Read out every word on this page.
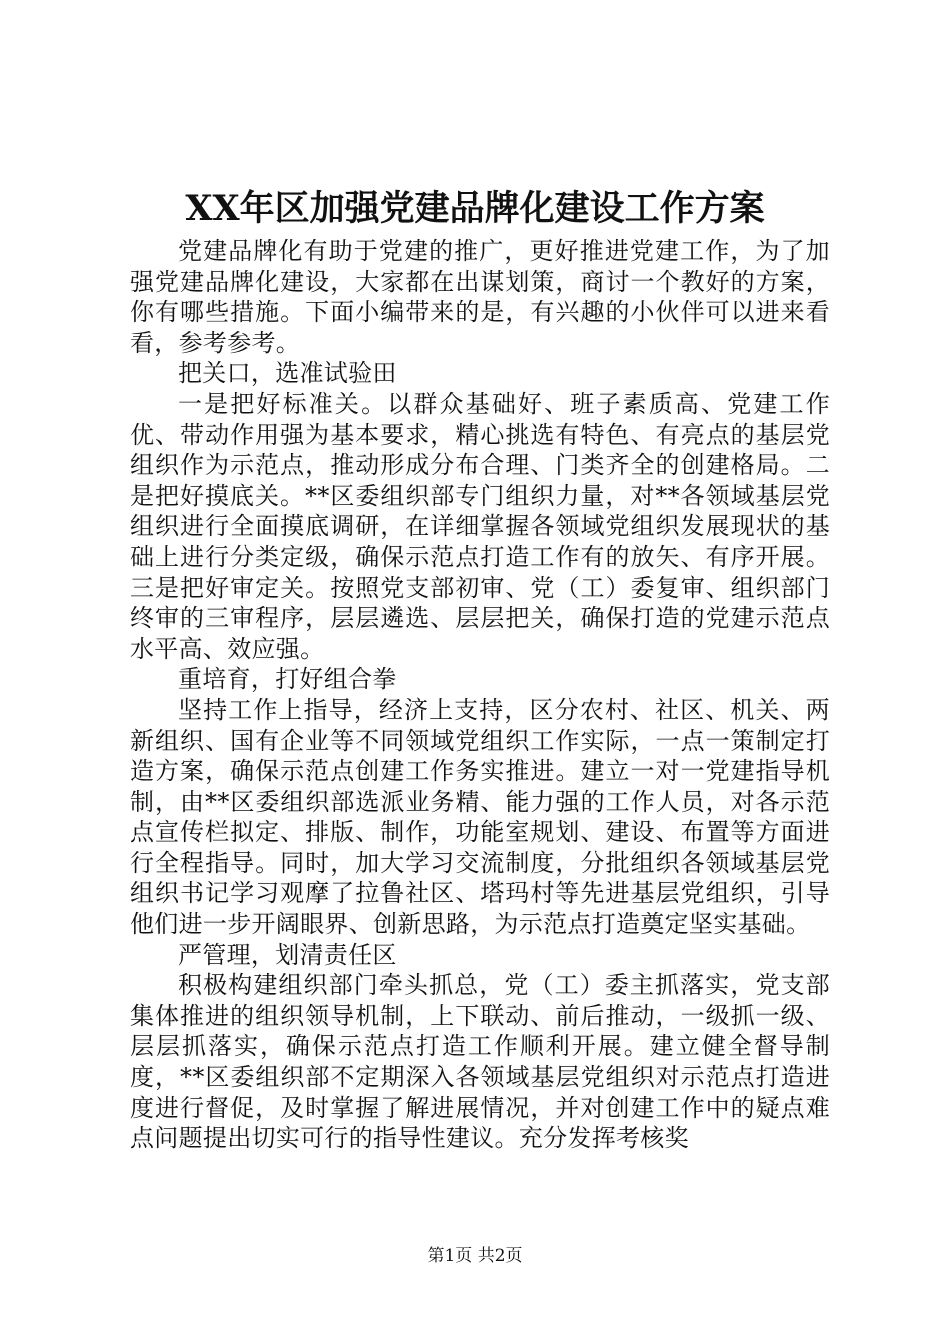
XX年区加强党建品牌化建设工作方案

党建品牌化有助于党建的推广，更好推进党建工作，为了加强党建品牌化建设，大家都在出谋划策，商讨一个教好的方案，你有哪些措施。下面小编带来的是，有兴趣的小伙伴可以进来看看，参考参考。

把关口，选准试验田

一是把好标准关。以群众基础好、班子素质高、党建工作优、带动作用强为基本要求，精心挑选有特色、有亮点的基层党组织作为示范点，推动形成分布合理、门类齐全的创建格局。二是把好摸底关。**区委组织部专门组织力量，对**各领域基层党组织进行全面摸底调研，在详细掌握各领域党组织发展现状的基础上进行分类定级，确保示范点打造工作有的放矢、有序开展。三是把好审定关。按照党支部初审、党（工）委复审、组织部门终审的三审程序，层层遴选、层层把关，确保打造的党建示范点水平高、效应强。

重培育，打好组合拳

坚持工作上指导，经济上支持，区分农村、社区、机关、两新组织、国有企业等不同领域党组织工作实际，一点一策制定打造方案，确保示范点创建工作务实推进。建立一对一党建指导机制，由**区委组织部选派业务精、能力强的工作人员，对各示范点宣传栏拟定、排版、制作，功能室规划、建设、布置等方面进行全程指导。同时，加大学习交流制度，分批组织各领域基层党组织书记学习观摩了拉鲁社区、塔玛村等先进基层党组织，引导他们进一步开阔眼界、创新思路，为示范点打造奠定坚实基础。

严管理，划清责任区

积极构建组织部门牵头抓总，党（工）委主抓落实，党支部集体推进的组织领导机制，上下联动、前后推动，一级抓一级、层层抓落实，确保示范点打造工作顺利开展。建立健全督导制度，**区委组织部不定期深入各领域基层党组织对示范点打造进度进行督促，及时掌握了解进展情况，并对创建工作中的疑点难点问题提出切实可行的指导性建议。充分发挥考核奖

第1页 共2页
